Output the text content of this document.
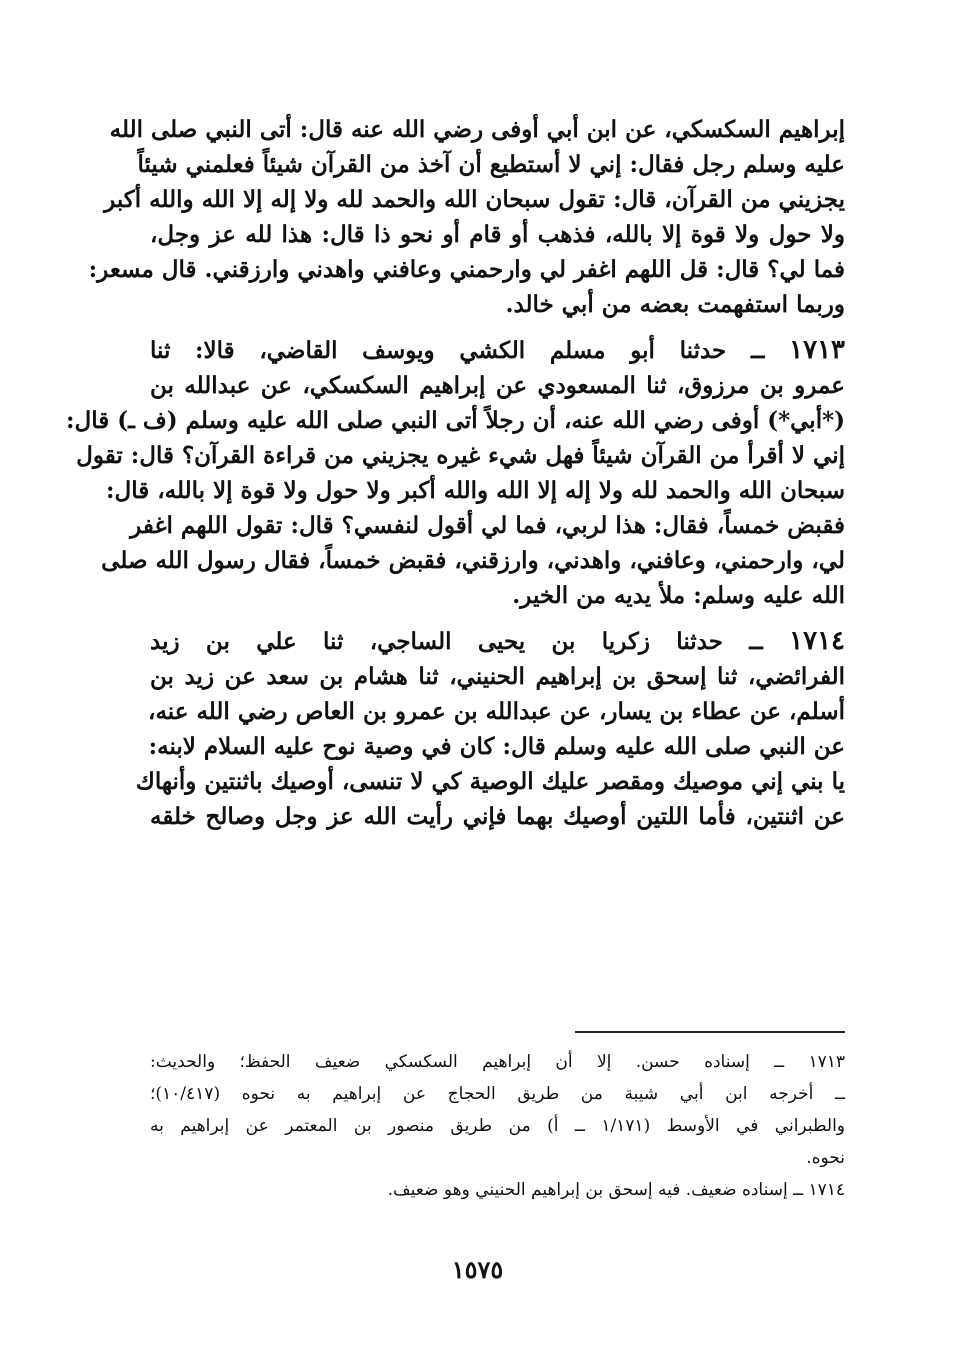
إبراهيم السكسكي، عن ابن أبي أوفى رضي الله عنه قال: أتى النبي صلى الله
عليه وسلم رجل فقال: إني لا أستطيع أن آخذ من القرآن شيئاً فعلمني شيئاً
يجزيني من القرآن، قال: تقول سبحان الله والحمد لله ولا إله إلا الله والله أكبر
ولا حول ولا قوة إلا بالله، فذهب أو قام أو نحو ذا قال: هذا لله عز وجل،
فما لي؟ قال: قل اللهم اغفر لي وارحمني وعافني واهدني وارزقني. قال مسعر:
وربما استفهمت بعضه من أبي خالد.
١٧١٣ ــ حدثنا أبو مسلم الكشي ويوسف القاضي، قالا: ثنا
عمرو بن مرزوق، ثنا المسعودي عن إبراهيم السكسكي، عن عبدالله بن
(*أبي*) أوفى رضي الله عنه، أن رجلاً أتى النبي صلى الله عليه وسلم (ف ـ) قال:
إني لا أقرأ من القرآن شيئاً فهل شيء غيره يجزيني من قراءة القرآن؟ قال: تقول
سبحان الله والحمد لله ولا إله إلا الله والله أكبر ولا حول ولا قوة إلا بالله، قال:
فقبض خمساً، فقال: هذا لربي، فما لي أقول لنفسي؟ قال: تقول اللهم اغفر
لي، وارحمني، وعافني، واهدني، وارزقني، فقبض خمساً، فقال رسول الله صلى
الله عليه وسلم: ملأ يديه من الخير.
١٧١٤ ــ حدثنا زكريا بن يحيى الساجي، ثنا علي بن زيد
الفرائضي، ثنا إسحق بن إبراهيم الحنيني، ثنا هشام بن سعد عن زيد بن
أسلم، عن عطاء بن يسار، عن عبدالله بن عمرو بن العاص رضي الله عنه،
عن النبي صلى الله عليه وسلم قال: كان في وصية نوح عليه السلام لابنه:
يا بني إني موصيك ومقصر عليك الوصية كي لا تنسى، أوصيك باثنتين وأنهاك
عن اثنتين، فأما اللتين أوصيك بهما فإني رأيت الله عز وجل وصالح خلقه
١٧١٣ ــ إسناده حسن. إلا أن إبراهيم السكسكي ضعيف الحفظ؛ والحديث:
ــ أخرجه ابن أبي شيبة من طريق الحجاج عن إبراهيم به نحوه (١٠/٤١٧)؛
والطبراني في الأوسط (١/١٧١ ــ أ) من طريق منصور بن المعتمر عن إبراهيم به
نحوه.
١٧١٤ ــ إسناده ضعيف. فيه إسحق بن إبراهيم الحنيني وهو ضعيف.
١٥٧٥
